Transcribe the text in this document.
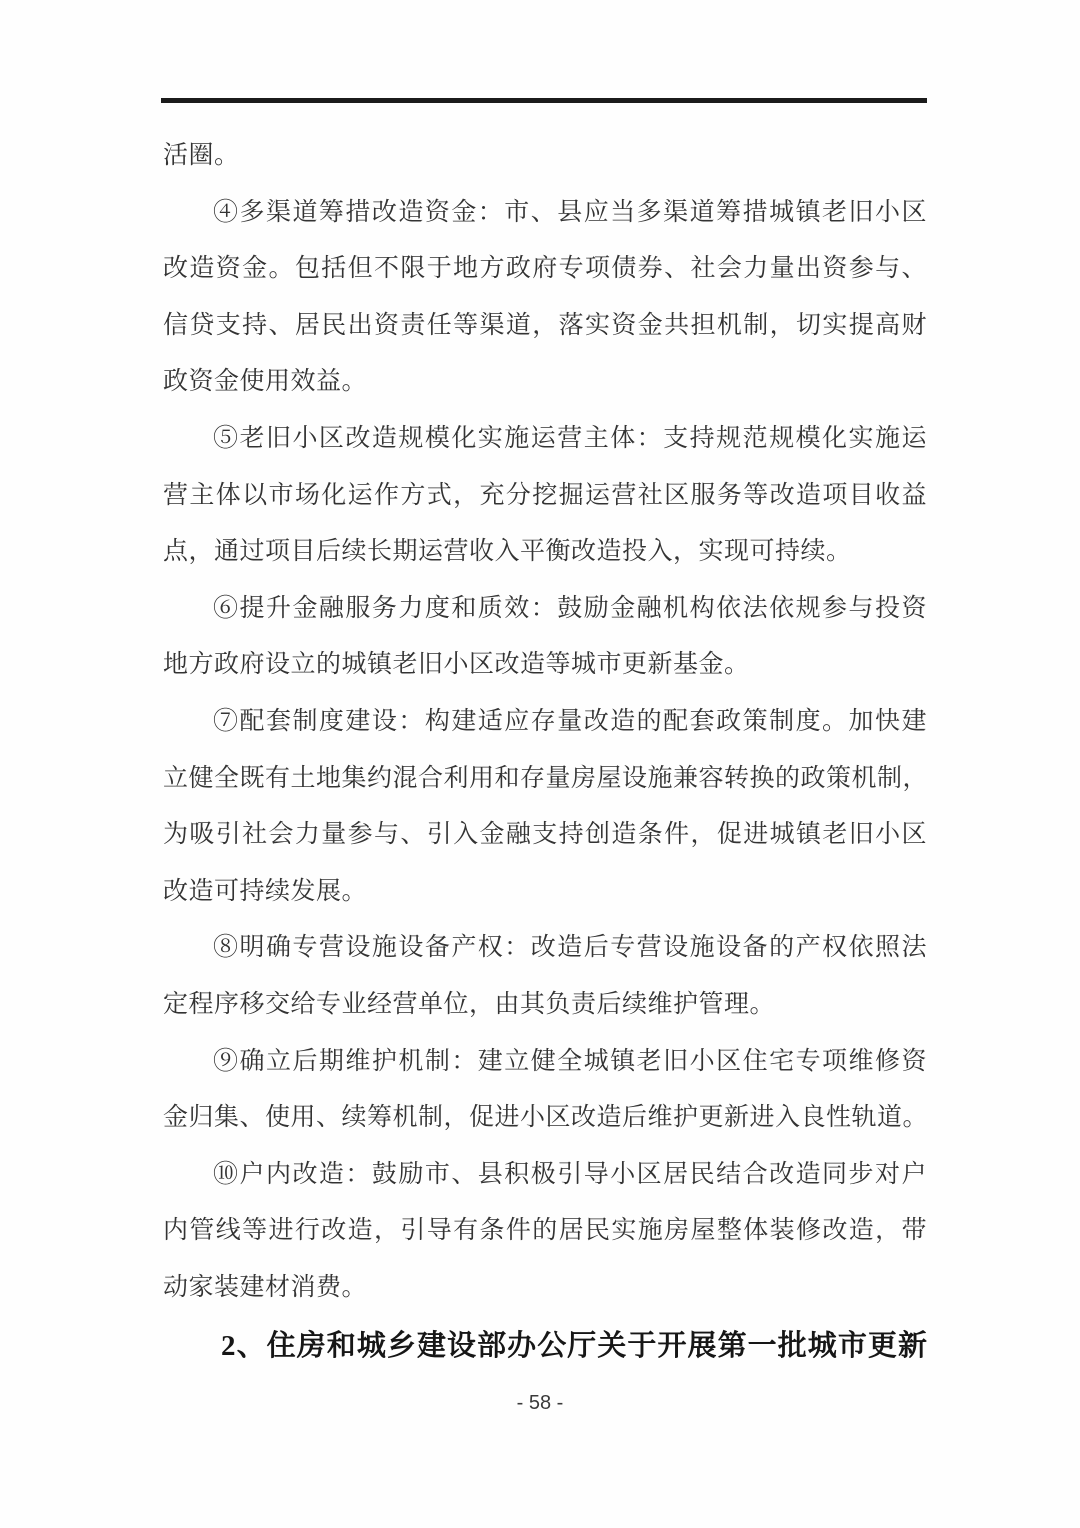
活圈。
④多渠道筹措改造资金：市、县应当多渠道筹措城镇老旧小区
改造资金。包括但不限于地方政府专项债券、社会力量出资参与、
信贷支持、居民出资责任等渠道，落实资金共担机制，切实提高财
政资金使用效益。
⑤老旧小区改造规模化实施运营主体：支持规范规模化实施运
营主体以市场化运作方式，充分挖掘运营社区服务等改造项目收益
点，通过项目后续长期运营收入平衡改造投入，实现可持续。
⑥提升金融服务力度和质效：鼓励金融机构依法依规参与投资
地方政府设立的城镇老旧小区改造等城市更新基金。
⑦配套制度建设：构建适应存量改造的配套政策制度。加快建
立健全既有土地集约混合利用和存量房屋设施兼容转换的政策机制，
为吸引社会力量参与、引入金融支持创造条件，促进城镇老旧小区
改造可持续发展。
⑧明确专营设施设备产权：改造后专营设施设备的产权依照法
定程序移交给专业经营单位，由其负责后续维护管理。
⑨确立后期维护机制：建立健全城镇老旧小区住宅专项维修资
金归集、使用、续筹机制，促进小区改造后维护更新进入良性轨道。
⑩户内改造：鼓励市、县积极引导小区居民结合改造同步对户
内管线等进行改造，引导有条件的居民实施房屋整体装修改造，带
动家装建材消费。
2、住房和城乡建设部办公厅关于开展第一批城市更新
- 58 -
